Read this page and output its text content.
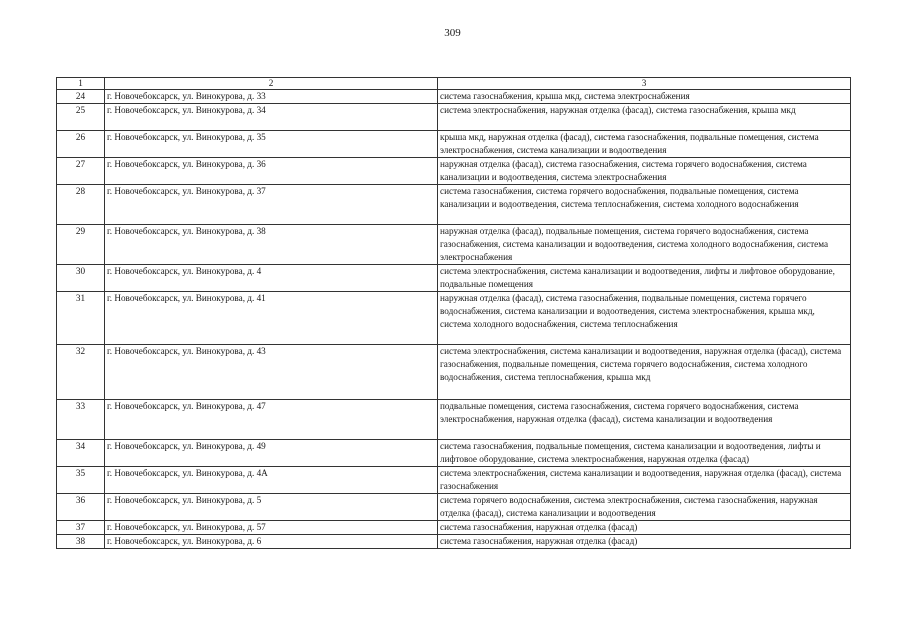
309
1	2	3
24	г. Новочебоксарск, ул. Винокурова, д. 33	система газоснабжения, крыша мкд, система электроснабжения
25	г. Новочебоксарск, ул. Винокурова, д. 34	система электроснабжения, наружная отделка (фасад), система газоснабжения, крыша мкд
26	г. Новочебоксарск, ул. Винокурова, д. 35	крыша мкд, наружная отделка (фасад), система газоснабжения, подвальные помещения, система электроснабжения, система канализации и водоотведения
27	г. Новочебоксарск, ул. Винокурова, д. 36	наружная отделка (фасад), система газоснабжения, система горячего водоснабжения, система канализации и водоотведения, система электроснабжения
28	г. Новочебоксарск, ул. Винокурова, д. 37	система газоснабжения, система горячего водоснабжения, подвальные помещения, система канализации и водоотведения, система теплоснабжения, система холодного водоснабжения
29	г. Новочебоксарск, ул. Винокурова, д. 38	наружная отделка (фасад), подвальные помещения, система горячего водоснабжения, система газоснабжения, система канализации и водоотведения, система холодного водоснабжения, система электроснабжения
30	г. Новочебоксарск, ул. Винокурова, д. 4	система электроснабжения, система канализации и водоотведения, лифты и лифтовое оборудование, подвальные помещения
31	г. Новочебоксарск, ул. Винокурова, д. 41	наружная отделка (фасад), система газоснабжения, подвальные помещения, система горячего водоснабжения, система канализации и водоотведения, система электроснабжения, крыша мкд, система холодного водоснабжения, система теплоснабжения
32	г. Новочебоксарск, ул. Винокурова, д. 43	система электроснабжения, система канализации и водоотведения, наружная отделка (фасад), система газоснабжения, подвальные помещения, система горячего водоснабжения, система холодного водоснабжения, система теплоснабжения, крыша мкд
33	г. Новочебоксарск, ул. Винокурова, д. 47	подвальные помещения, система газоснабжения, система горячего водоснабжения, система электроснабжения, наружная отделка (фасад), система канализации и водоотведения
34	г. Новочебоксарск, ул. Винокурова, д. 49	система газоснабжения, подвальные помещения, система канализации и водоотведения, лифты и лифтовое оборудование, система электроснабжения, наружная отделка (фасад)
35	г. Новочебоксарск, ул. Винокурова, д. 4А	система электроснабжения, система канализации и водоотведения, наружная отделка (фасад), система газоснабжения
36	г. Новочебоксарск, ул. Винокурова, д. 5	система горячего водоснабжения, система электроснабжения, система газоснабжения, наружная отделка (фасад), система канализации и водоотведения
37	г. Новочебоксарск, ул. Винокурова, д. 57	система газоснабжения, наружная отделка (фасад)
38	г. Новочебоксарск, ул. Винокурова, д. 6	система газоснабжения, наружная отделка (фасад)
